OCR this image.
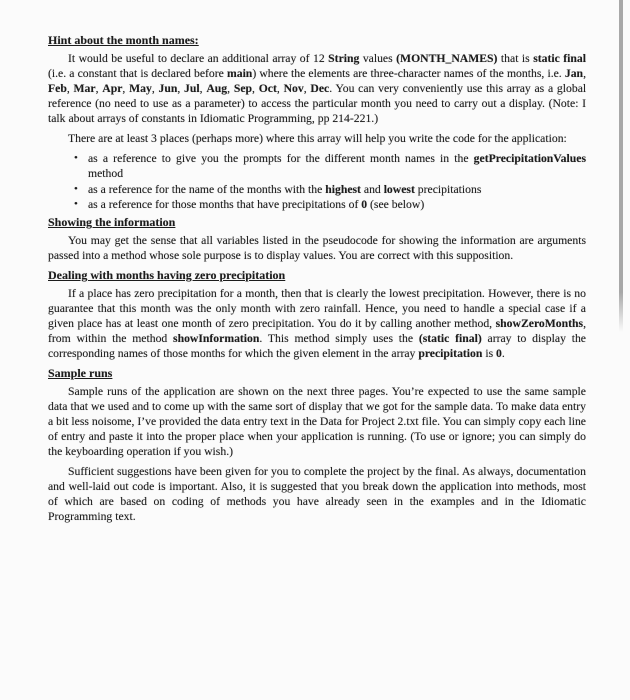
Hint about the month names:

It would be useful to declare an additional array of 12 String values (MONTH_NAMES) that is static final (i.e. a constant that is declared before main) where the elements are three-character names of the months, i.e. Jan, Feb, Mar, Apr, May, Jun, Jul, Aug, Sep, Oct, Nov, Dec. You can very conveniently use this array as a global reference (no need to use as a parameter) to access the particular month you need to carry out a display. (Note: I talk about arrays of constants in Idiomatic Programming, pp 214-221.)

There are at least 3 places (perhaps more) where this array will help you write the code for the application:

• as a reference to give you the prompts for the different month names in the getPrecipitationValues method
• as a reference for the name of the months with the highest and lowest precipitations
• as a reference for those months that have precipitations of 0 (see below)
Showing the information

You may get the sense that all variables listed in the pseudocode for showing the information are arguments passed into a method whose sole purpose is to display values. You are correct with this supposition.

Dealing with months having zero precipitation

If a place has zero precipitation for a month, then that is clearly the lowest precipitation. However, there is no guarantee that this month was the only month with zero rainfall. Hence, you need to handle a special case if a given place has at least one month of zero precipitation. You do it by calling another method, showZeroMonths, from within the method showInformation. This method simply uses the (static final) array to display the corresponding names of those months for which the given element in the array precipitation is 0.

Sample runs

Sample runs of the application are shown on the next three pages. You’re expected to use the same sample data that we used and to come up with the same sort of display that we got for the sample data. To make data entry a bit less noisome, I’ve provided the data entry text in the Data for Project 2.txt file. You can simply copy each line of entry and paste it into the proper place when your application is running. (To use or ignore; you can simply do the keyboarding operation if you wish.)

Sufficient suggestions have been given for you to complete the project by the final. As always, documentation and well-laid out code is important. Also, it is suggested that you break down the application into methods, most of which are based on coding of methods you have already seen in the examples and in the Idiomatic Programming text.
